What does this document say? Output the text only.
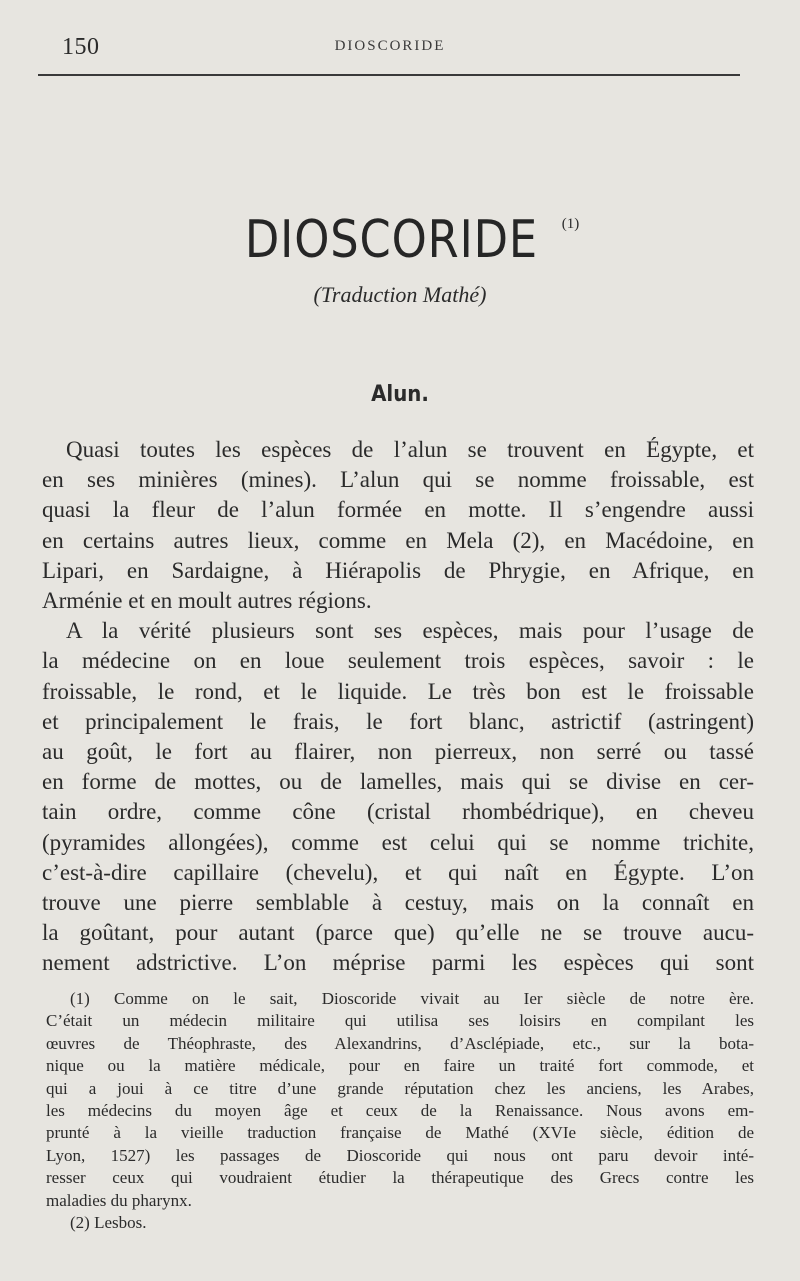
150	DIOSCORIDE
DIOSCORIDE (1)
(Traduction Mathé)
Alun.
Quasi toutes les espèces de l’alun se trouvent en Égypte, et
en ses minières (mines). L’alun qui se nomme froissable, est
quasi la fleur de l’alun formée en motte. Il s’engendre aussi
en certains autres lieux, comme en Mela (2), en Macédoine, en
Lipari, en Sardaigne, à Hiérapolis de Phrygie, en Afrique, en
Arménie et en moult autres régions.
A la vérité plusieurs sont ses espèces, mais pour l’usage de
la médecine on en loue seulement trois espèces, savoir : le
froissable, le rond, et le liquide. Le très bon est le froissable
et principalement le frais, le fort blanc, astrictif (astringent)
au goût, le fort au flairer, non pierreux, non serré ou tassé
en forme de mottes, ou de lamelles, mais qui se divise en cer-
tain ordre, comme cône (cristal rhombédrique), en cheveu
(pyramides allongées), comme est celui qui se nomme trichite,
c’est-à-dire capillaire (chevelu), et qui naît en Égypte. L’on
trouve une pierre semblable à cestuy, mais on la connaît en
la goûtant, pour autant (parce que) qu’elle ne se trouve aucu-
nement adstrictive. L’on méprise parmi les espèces qui sont
(1) Comme on le sait, Dioscoride vivait au Ier siècle de notre ère.
C’était un médecin militaire qui utilisa ses loisirs en compilant les
œuvres de Théophraste, des Alexandrins, d’Asclépiade, etc., sur la bota-
nique ou la matière médicale, pour en faire un traité fort commode, et
qui a joui à ce titre d’une grande réputation chez les anciens, les Arabes,
les médecins du moyen âge et ceux de la Renaissance. Nous avons em-
prunté à la vieille traduction française de Mathé (XVIe siècle, édition de
Lyon, 1527) les passages de Dioscoride qui nous ont paru devoir inté-
resser ceux qui voudraient étudier la thérapeutique des Grecs contre les
maladies du pharynx.
(2) Lesbos.
